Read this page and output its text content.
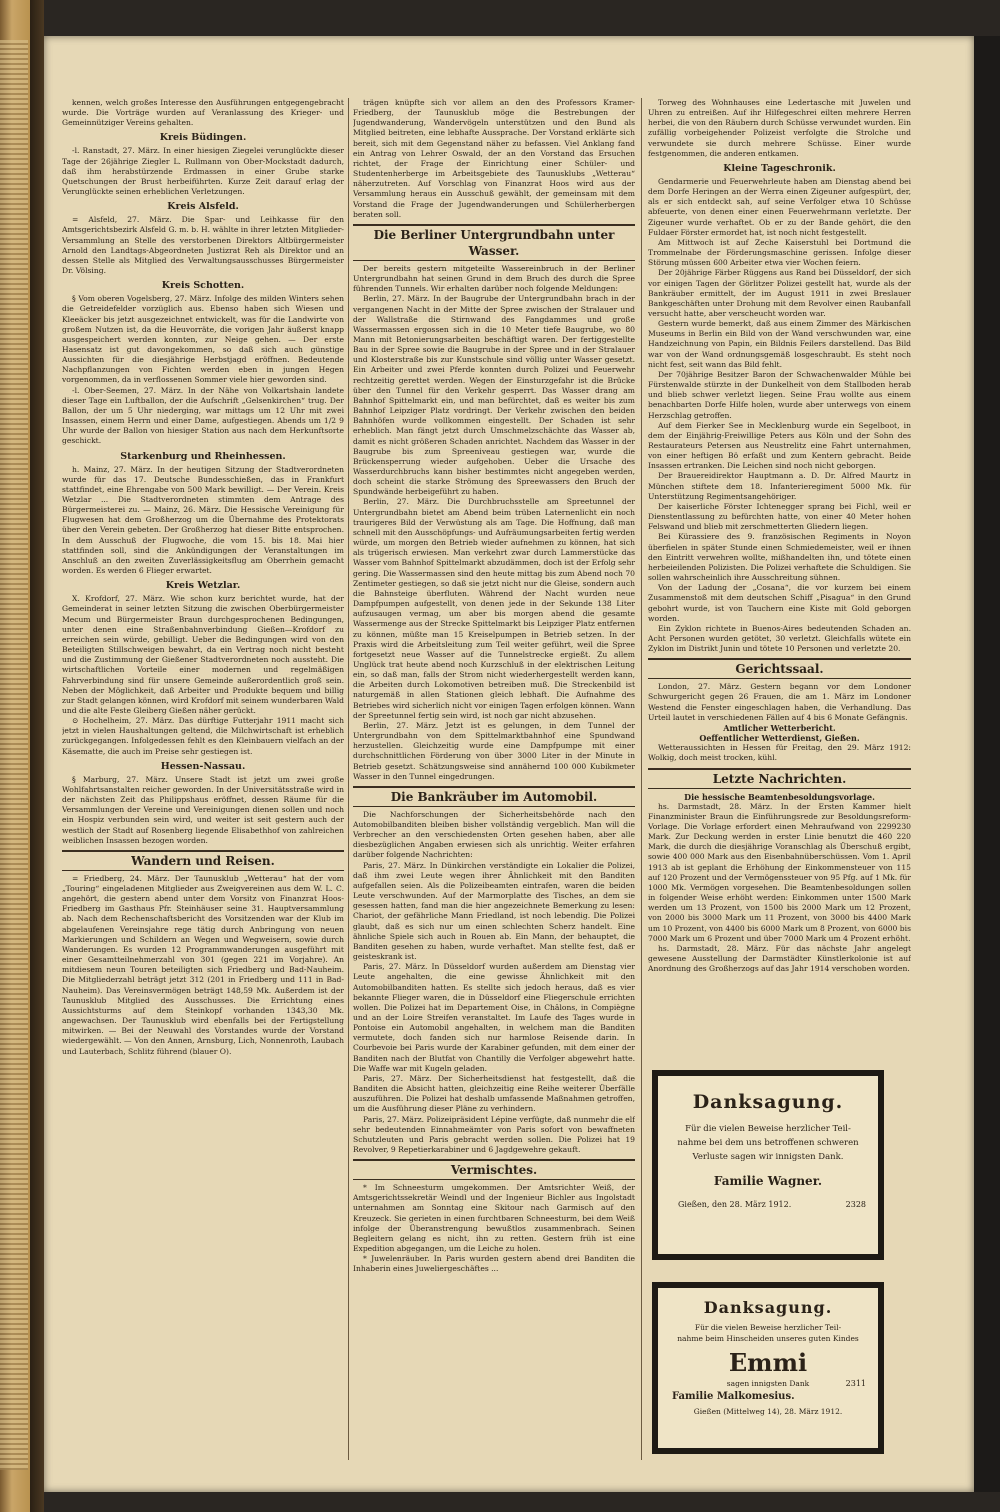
kennen, welch großes Interesse den Ausführungen entgegengebracht wurde. Die Vorträge wurden auf Veranlassung des Krieger- und Gemeinnütziger Vereins gehalten.

Kreis Büdingen.

-l. Ranstadt, 27. März. In einer hiesigen Ziegelei verunglückte dieser Tage der 26jährige Ziegler L. Rullmann von Ober-Mockstadt dadurch, daß ihm herabstürzende Erdmassen in einer Grube starke Quetschungen der Brust herbeiführten. Kurze Zeit darauf erlag der Verunglückte seinen erheblichen Verletzungen.

Kreis Alsfeld.

= Alsfeld, 27. März. Die Spar- und Leihkasse für den Amtsgerichtsbezirk Alsfeld G. m. b. H. wählte in ihrer letzten Mitglieder-Versammlung an Stelle des verstorbenen Direktors Altbürgermeister Arnold den Landtags-Abgeordneten Justizrat Reh als Direktor und an dessen Stelle als Mitglied des Verwaltungsausschusses Bürgermeister Dr. Völsing.

Kreis Schotten.

§ Vom oberen Vogelsberg, 27. März. Infolge des milden Winters sehen die Getreidefelder vorzüglich aus. Ebenso haben sich Wiesen und Kleeäcker bis jetzt ausgezeichnet entwickelt, was für die Landwirte von großem Nutzen ist, da die Heuvorräte, die vorigen Jahr äußerst knapp ausgespeichert werden konnten, zur Neige gehen. — Der erste Hasensatz ist gut davongekommen, so daß sich auch günstige Aussichten für die diesjährige Herbstjagd eröffnen. Bedeutende Nachpflanzungen von Fichten werden eben in jungen Hegen vorgenommen, da in verflossenen Sommer viele hier geworden sind.

-l. Ober-Seemen, 27. März. In der Nähe von Volkartshain landete dieser Tage ein Luftballon, der die Aufschrift „Gelsenkirchen“ trug. Der Ballon, der um 5 Uhr niederging, war mittags um 12 Uhr mit zwei Insassen, einem Herrn und einer Dame, aufgestiegen. Abends um 1/2 9 Uhr wurde der Ballon von hiesiger Station aus nach dem Herkunftsorte geschickt.

Starkenburg und Rheinhessen.

h. Mainz, 27. März. In der heutigen Sitzung der Stadtverordneten wurde für das 17. Deutsche Bundesschießen, das in Frankfurt stattfindet, eine Ehrengabe von 500 Mark bewilligt. — Der Verein. Kreis Wetzlar ... Die Stadtverordneten stimmten dem Antrage des Bürgermeisterei zu. — Mainz, 26. März. Die Hessische Vereinigung für Flugwesen hat dem Großherzog um die Übernahme des Protektorats über den Verein gebeten. Der Großherzog hat dieser Bitte entsprochen. In dem Ausschuß der Flugwoche, die vom 15. bis 18. Mai hier stattfinden soll, sind die Ankündigungen der Veranstaltungen im Anschluß an den zweiten Zuverlässigkeitsflug am Oberrhein gemacht worden. Es werden 6 Flieger erwartet.

Kreis Wetzlar.

X. Krofdorf, 27. März. Wie schon kurz berichtet wurde, hat der Gemeinderat in seiner letzten Sitzung die zwischen Oberbürgermeister Mecum und Bürgermeister Braun durchgesprochenen Bedingungen, unter denen eine Straßenbahnverbindung Gießen—Krofdorf zu erreichen sein würde, gebilligt. Ueber die Bedingungen wird von den Beteiligten Stillschweigen bewahrt, da ein Vertrag noch nicht besteht und die Zustimmung der Gießener Stadtverordneten noch aussteht. Die wirtschaftlichen Vorteile einer modernen und regelmäßigen Fahrverbindung sind für unsere Gemeinde außerordentlich groß sein. Neben der Möglichkeit, daß Arbeiter und Produkte bequem und billig zur Stadt gelangen können, wird Krofdorf mit seinem wunderbaren Wald und die alte Feste Gleiberg Gießen näher gerückt.

⊙ Hochelheim, 27. März. Das dürftige Futterjahr 1911 macht sich jetzt in vielen Haushaltungen geltend, die Milchwirtschaft ist erheblich zurückgegangen. Infolgedessen fehlt es den Kleinbauern vielfach an der Käsematte, die auch im Preise sehr gestiegen ist.

Hessen-Nassau.

§ Marburg, 27. März. Unsere Stadt ist jetzt um zwei große Wohlfahrtsanstalten reicher geworden. In der Universitätsstraße wird in der nächsten Zeit das Philippshaus eröffnet, dessen Räume für die Versammlungen der Vereine und Vereinigungen dienen sollen und noch ein Hospiz verbunden sein wird, und weiter ist seit gestern auch der westlich der Stadt auf Rosenberg liegende Elisabethhof von zahlreichen weiblichen Insassen bezogen worden.

Wandern und Reisen.

= Friedberg, 24. März. Der Taunusklub „Wetterau“ hat der vom „Touring“ eingeladenen Mitglieder aus Zweigvereinen aus dem W. L. C. angehört, die gestern abend unter dem Vorsitz von Finanzrat Hoos-Friedberg im Gasthaus Pfr. Steinhäuser seine 31. Hauptversammlung ab. Nach dem Rechenschaftsbericht des Vorsitzenden war der Klub im abgelaufenen Vereinsjahre rege tätig durch Anbringung von neuen Markierungen und Schildern an Wegen und Wegweisern, sowie durch Wanderungen. Es wurden 12 Programmwanderungen ausgeführt mit einer Gesamtteilnehmerzahl von 301 (gegen 221 im Vorjahre). An mitdiesem neun Touren beteiligten sich Friedberg und Bad-Nauheim. Die Mitgliederzahl beträgt jetzt 312 (201 in Friedberg und 111 in Bad-Nauheim). Das Vereinsvermögen beträgt 148,59 Mk. Außerdem ist der Taunusklub Mitglied des Ausschusses. Die Errichtung eines Aussichtsturms auf dem Steinkopf vorhanden 1343,30 Mk. angewachsen. Der Taunusklub wird ebenfalls bei der Fertigstellung mitwirken. — Bei der Neuwahl des Vorstandes wurde der Vorstand wiedergewählt. — Von den Annen, Arnsburg, Lich, Nonnenroth, Laubach und Lauterbach, Schlitz führend (blauer O).

trägen knüpfte sich vor allem an den des Professors Kramer-Friedberg, der Taunusklub möge die Bestrebungen der Jugendwanderung, Wandervögeln unterstützen und den Bund als Mitglied beitreten, eine lebhafte Aussprache. Der Vorstand erklärte sich bereit, sich mit dem Gegenstand näher zu befassen. Viel Anklang fand ein Antrag von Lehrer Oswald, der an den Vorstand das Ersuchen richtet, der Frage der Einrichtung einer Schüler- und Studentenherberge im Arbeitsgebiete des Taunusklubs „Wetterau“ näherzutreten. Auf Vorschlag von Finanzrat Hoos wird aus der Versammlung heraus ein Ausschuß gewählt, der gemeinsam mit dem Vorstand die Frage der Jugendwanderungen und Schülerherbergen beraten soll.

Die Berliner Untergrundbahn unter Wasser.

Der bereits gestern mitgeteilte Wassereinbruch in der Berliner Untergrundbahn hat seinen Grund in dem Bruch des durch die Spree führenden Tunnels. Wir erhalten darüber noch folgende Meldungen:

Berlin, 27. März. In der Baugrube der Untergrundbahn brach in der vergangenen Nacht in der Mitte der Spree zwischen der Stralauer und der Wallstraße die Stirnwand des Fangdammes und große Wassermassen ergossen sich in die 10 Meter tiefe Baugrube, wo 80 Mann mit Betonierungsarbeiten beschäftigt waren. Der fertiggestellte Bau in der Spree sowie die Baugrube in der Spree und in der Stralauer und Klosterstraße bis zur Kunstschule sind völlig unter Wasser gesetzt. Ein Arbeiter und zwei Pferde konnten durch Polizei und Feuerwehr rechtzeitig gerettet werden. Wegen der Einsturzgefahr ist die Brücke über den Tunnel für den Verkehr gesperrt. Das Wasser drang am Bahnhof Spittelmarkt ein, und man befürchtet, daß es weiter bis zum Bahnhof Leipziger Platz vordringt. Der Verkehr zwischen den beiden Bahnhöfen wurde vollkommen eingestellt. Der Schaden ist sehr erheblich. Man fängt jetzt durch Umschmelzschächte das Wasser ab, damit es nicht größeren Schaden anrichtet. Nachdem das Wasser in der Baugrube bis zum Spreeniveau gestiegen war, wurde die Brückensperrung wieder aufgehoben. Ueber die Ursache des Wasserdurchbruchs kann bisher bestimmtes nicht angegeben werden, doch scheint die starke Strömung des Spreewassers den Bruch der Spundwände herbeigeführt zu haben.

Berlin, 27. März. Die Durchbruchsstelle am Spreetunnel der Untergrundbahn bietet am Abend beim trüben Laternenlicht ein noch traurigeres Bild der Verwüstung als am Tage. Die Hoffnung, daß man schnell mit den Ausschöpfungs- und Aufräumungsarbeiten fertig werden würde, um morgen den Betrieb wieder aufnehmen zu können, hat sich als trügerisch erwiesen. Man verkehrt zwar durch Lammerstücke das Wasser vom Bahnhof Spittelmarkt abzudämmen, doch ist der Erfolg sehr gering. Die Wassermassen sind den heute mittag bis zum Abend noch 70 Zentimeter gestiegen, so daß sie jetzt nicht nur die Gleise, sondern auch die Bahnsteige überfluten. Während der Nacht wurden neue Dampfpumpen aufgestellt, von denen jede in der Sekunde 138 Liter aufzusaugen vermag, um aber bis morgen abend die gesamte Wassermenge aus der Strecke Spittelmarkt bis Leipziger Platz entfernen zu können, müßte man 15 Kreiselpumpen in Betrieb setzen. In der Praxis wird die Arbeitsleitung zum Teil weiter geführt, weil die Spree fortgesetzt neue Wasser auf die Tunnelstrecke ergießt. Zu allem Unglück trat heute abend noch Kurzschluß in der elektrischen Leitung ein, so daß man, falls der Strom nicht wiederhergestellt werden kann, die Arbeiten durch Lokomotiven betreiben muß. Die Streckenbild ist naturgemäß in allen Stationen gleich lebhaft. Die Aufnahme des Betriebes wird sicherlich nicht vor einigen Tagen erfolgen können. Wann der Spreetunnel fertig sein wird, ist noch gar nicht abzusehen.

Berlin, 27. März. Jetzt ist es gelungen, in dem Tunnel der Untergrundbahn von dem Spittelmarktbahnhof eine Spundwand herzustellen. Gleichzeitig wurde eine Dampfpumpe mit einer durchschnittlichen Förderung von über 3000 Liter in der Minute in Betrieb gesetzt. Schätzungsweise sind annähernd 100 000 Kubikmeter Wasser in den Tunnel eingedrungen.

Die Bankräuber im Automobil.

Die Nachforschungen der Sicherheitsbehörde nach den Automobilbanditen bleiben bisher vollständig vergeblich. Man will die Verbrecher an den verschiedensten Orten gesehen haben, aber alle diesbezüglichen Angaben erwiesen sich als unrichtig. Weiter erfahren darüber folgende Nachrichten:

Paris, 27. März. In Dünkirchen verständigte ein Lokalier die Polizei, daß ihm zwei Leute wegen ihrer Ähnlichkeit mit den Banditen aufgefallen seien. Als die Polizeibeamten eintrafen, waren die beiden Leute verschwunden. Auf der Marmorplatte des Tisches, an dem sie gesessen hatten, fand man die hier angezeichnete Bemerkung zu lesen: Chariot, der gefährliche Mann Friedland, ist noch lebendig. Die Polizei glaubt, daß es sich nur um einen schlechten Scherz handelt. Eine ähnliche Spiele sich auch in Rouen ab. Ein Mann, der behauptet, die Banditen gesehen zu haben, wurde verhaftet. Man stellte fest, daß er geisteskrank ist.

Paris, 27. März. In Düsseldorf wurden außerdem am Dienstag vier Leute angehalten, die eine gewisse Ähnlichkeit mit den Automobilbanditen hatten. Es stellte sich jedoch heraus, daß es vier bekannte Flieger waren, die in Düsseldorf eine Fliegerschule errichten wollen. Die Polizei hat im Departement Oise, in Châlons, in Compiègne und an der Loire Streifen veranstaltet. Im Laufe des Tages wurde in Pontoise ein Automobil angehalten, in welchem man die Banditen vermutete, doch fanden sich nur harmlose Reisende darin. In Courbevoie bei Paris wurde der Karabiner gefunden, mit dem einer der Banditen nach der Blutfat von Chantilly die Verfolger abgewehrt hatte. Die Waffe war mit Kugeln geladen.

Paris, 27. März. Der Sicherheitsdienst hat festgestellt, daß die Banditen die Absicht hatten, gleichzeitig eine Reihe weiterer Überfälle auszuführen. Die Polizei hat deshalb umfassende Maßnahmen getroffen, um die Ausführung dieser Pläne zu verhindern.

Paris, 27. März. Polizeipräsident Lépine verfügte, daß nunmehr die elf sehr bedeutenden Einnahmeämter von Paris sofort von bewaffneten Schutzleuten und Paris gebracht werden sollen. Die Polizei hat 19 Revolver, 9 Repetierkarabiner und 6 Jagdgewehre gekauft.

Vermischtes.

* Im Schneesturm umgekommen. Der Amtsrichter Weiß, der Amtsgerichtssekretär Weindl und der Ingenieur Bichler aus Ingolstadt unternahmen am Sonntag eine Skitour nach Garmisch auf den Kreuzeck. Sie gerieten in einen furchtbaren Schneesturm, bei dem Weiß infolge der Überanstrengung bewußtlos zusammenbrach. Seinen Begleitern gelang es nicht, ihn zu retten. Gestern früh ist eine Expedition abgegangen, um die Leiche zu holen.

* Juwelenräuber. In Paris wurden gestern abend drei Banditen die Inhaberin eines Juweliergeschäftes ...

Torweg des Wohnhauses eine Ledertasche mit Juwelen und Uhren zu entreißen. Auf ihr Hilfegeschrei eilten mehrere Herren herbei, die von den Räubern durch Schüsse verwundet wurden. Ein zufällig vorbeigehender Polizeist verfolgte die Strolche und verwundete sie durch mehrere Schüsse. Einer wurde festgenommen, die anderen entkamen.

Kleine Tageschronik.

Gendarmerie und Feuerwehrleute haben am Dienstag abend bei dem Dorfe Heringen an der Werra einen Zigeuner aufgespürt, der, als er sich entdeckt sah, auf seine Verfolger etwa 10 Schüsse abfeuerte, von denen einer einen Feuerwehrmann verletzte. Der Zigeuner wurde verhaftet. Ob er zu der Bande gehört, die den Fuldaer Förster ermordet hat, ist noch nicht festgestellt.

Am Mittwoch ist auf Zeche Kaiserstuhl bei Dortmund die Trommelnabe der Förderungsmaschine gerissen. Infolge dieser Störung müssen 600 Arbeiter etwa vier Wochen feiern.

Der 20jährige Färber Rüggens aus Rand bei Düsseldorf, der sich vor einigen Tagen der Görlitzer Polizei gestellt hat, wurde als der Bankräuber ermittelt, der im August 1911 in zwei Breslauer Bankgeschäften unter Drohung mit dem Revolver einen Raubanfall versucht hatte, aber verscheucht worden war.

Gestern wurde bemerkt, daß aus einem Zimmer des Märkischen Museums in Berlin ein Bild von der Wand verschwunden war, eine Handzeichnung von Papin, ein Bildnis Feilers darstellend. Das Bild war von der Wand ordnungsgemäß losgeschraubt. Es steht noch nicht fest, seit wann das Bild fehlt.

Der 70jährige Besitzer Baron der Schwachenwalder Mühle bei Fürstenwalde stürzte in der Dunkelheit von dem Stallboden herab und blieb schwer verletzt liegen. Seine Frau wollte aus einem benachbarten Dorfe Hilfe holen, wurde aber unterwegs von einem Herzschlag getroffen.

Auf dem Fierker See in Mecklenburg wurde ein Segelboot, in dem der Einjährig-Freiwillige Peters aus Köln und der Sohn des Restaurateurs Petersen aus Neustrelitz eine Fahrt unternahmen, von einer heftigen Bö erfaßt und zum Kentern gebracht. Beide Insassen ertranken. Die Leichen sind noch nicht geborgen.

Der Brauereidirektor Hauptmann a. D. Dr. Alfred Maurtz in München stiftete dem 18. Infanterieregiment 5000 Mk. für Unterstützung Regimentsangehöriger.

Der kaiserliche Förster Ichtenegger sprang bei Fichl, weil er Dienstentlassung zu befürchten hatte, von einer 40 Meter hohen Felswand und blieb mit zerschmetterten Gliedern liegen.

Bei Kürassiere des 9. französischen Regiments in Noyon überfielen in später Stunde einen Schmiedemeister, weil er ihnen den Eintritt verwehren wollte, mißhandelten ihn, und tötete einen herbeieilenden Polizisten. Die Polizei verhaftete die Schuldigen. Sie sollen wahrscheinlich ihre Ausschreitung sühnen.

Von der Ladung der „Cosana“, die vor kurzem bei einem Zusammenstoß mit dem deutschen Schiff „Pisagua“ in den Grund gebohrt wurde, ist von Tauchern eine Kiste mit Gold geborgen worden.

Ein Zyklon richtete in Buenos-Aires bedeutenden Schaden an. Acht Personen wurden getötet, 30 verletzt. Gleichfalls wütete ein Zyklon im Distrikt Junin und tötete 10 Personen und verletzte 20.

Gerichtssaal.

London, 27. März. Gestern begann vor dem Londoner Schwurgericht gegen 26 Frauen, die am 1. März im Londoner Westend die Fenster eingeschlagen haben, die Verhandlung. Das Urteil lautet in verschiedenen Fällen auf 4 bis 6 Monate Gefängnis.

Amtlicher Wetterbericht.
Oeffentlicher Wetterdienst, Gießen.

Wetteraussichten in Hessen für Freitag, den 29. März 1912: Wolkig, doch meist trocken, kühl.

Letzte Nachrichten.
Die hessische Beamtenbesoldungsvorlage.

hs. Darmstadt, 28. März. In der Ersten Kammer hielt Finanzminister Braun die Einführungsrede zur Besoldungsreform-Vorlage. Die Vorlage erfordert einen Mehraufwand von 2299230 Mark. Zur Deckung werden in erster Linie benutzt die 460 220 Mark, die durch die diesjährige Voranschlag als Überschuß ergibt, sowie 400 000 Mark aus den Eisenbahnüberschüssen. Vom 1. April 1913 ab ist geplant die Erhöhung der Einkommensteuer von 115 auf 120 Prozent und der Vermögenssteuer von 95 Pfg. auf 1 Mk. für 1000 Mk. Vermögen vorgesehen. Die Beamtenbesoldungen sollen in folgender Weise erhöht werden: Einkommen unter 1500 Mark werden um 13 Prozent, von 1500 bis 2000 Mark um 12 Prozent, von 2000 bis 3000 Mark um 11 Prozent, von 3000 bis 4400 Mark um 10 Prozent, von 4400 bis 6000 Mark um 8 Prozent, von 6000 bis 7000 Mark um 6 Prozent und über 7000 Mark um 4 Prozent erhöht.

hs. Darmstadt, 28. März. Für das nächste Jahr angelegt gewesene Ausstellung der Darmstädter Künstlerkolonie ist auf Anordnung des Großherzogs auf das Jahr 1914 verschoben worden.

Danksagung.
Für die vielen Beweise herzlicher Teil-
nahme bei dem uns betroffenen schweren
Verluste sagen wir innigsten Dank.
Familie Wagner.
Gießen, den 28. März 1912.	2328
Danksagung.
Für die vielen Beweise herzlicher Teil-
nahme beim Hinscheiden unseres guten Kindes
Emmi
sagen innigsten Dank	2311
Familie Malkomesius.
Gießen (Mittelweg 14), 28. März 1912.
